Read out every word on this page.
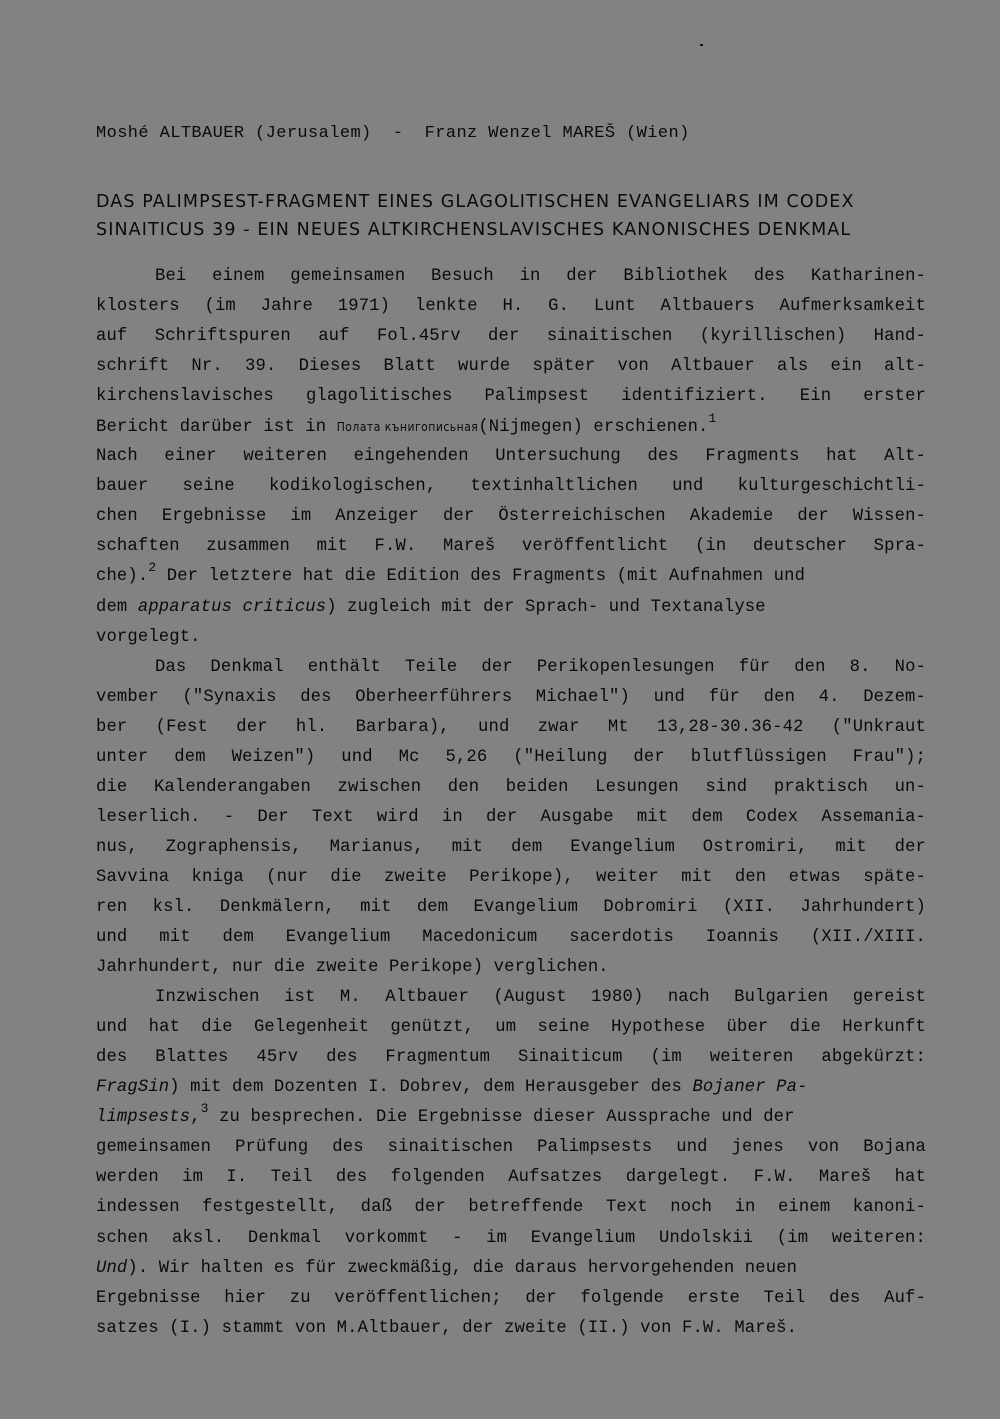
Moshé ALTBAUER (Jerusalem)  -  Franz Wenzel MAREŠ (Wien)
DAS PALIMPSEST-FRAGMENT EINES GLAGOLITISCHEN EVANGELIARS IM CODEX
SINAITICUS 39 - EIN NEUES ALTKIRCHENSLAVISCHES KANONISCHES DENKMAL
Bei einem gemeinsamen Besuch in der Bibliothek des Katharinen-
klosters (im Jahre 1971) lenkte H. G. Lunt Altbauers Aufmerksamkeit
auf Schriftspuren auf Fol.45rv der sinaitischen (kyrillischen) Hand-
schrift Nr. 39. Dieses Blatt wurde später von Altbauer als ein alt-
kirchenslavisches glagolitisches Palimpsest identifiziert. Ein erster
Bericht darüber ist in Полата кънигописьная(Nijmegen) erschienen.$^1$
Nach einer weiteren eingehenden Untersuchung des Fragments hat Alt-
bauer seine kodikologischen, textinhaltlichen und kulturgeschichtli-
chen Ergebnisse im Anzeiger der Österreichischen Akademie der Wissen-
schaften zusammen mit F.W. Mareš veröffentlicht (in deutscher Spra-
che).$^2$ Der letztere hat die Edition des Fragments (mit Aufnahmen und
dem apparatus criticus) zugleich mit der Sprach- und Textanalyse
vorgelegt.
Das Denkmal enthält Teile der Perikopenlesungen für den 8. No-
vember ("Synaxis des Oberheerführers Michael") und für den 4. Dezem-
ber (Fest der hl. Barbara), und zwar Mt 13,28-30.36-42 ("Unkraut
unter dem Weizen") und Mc 5,26 ("Heilung der blutflüssigen Frau");
die Kalenderangaben zwischen den beiden Lesungen sind praktisch un-
leserlich. - Der Text wird in der Ausgabe mit dem Codex Assemania-
nus, Zographensis, Marianus, mit dem Evangelium Ostromiri, mit der
Savvina kniga (nur die zweite Perikope), weiter mit den etwas späte-
ren ksl. Denkmälern, mit dem Evangelium Dobromiri (XII. Jahrhundert)
und mit dem Evangelium Macedonicum sacerdotis Ioannis (XII./XIII.
Jahrhundert, nur die zweite Perikope) verglichen.
Inzwischen ist M. Altbauer (August 1980) nach Bulgarien gereist
und hat die Gelegenheit genützt, um seine Hypothese über die Herkunft
des Blattes 45rv des Fragmentum Sinaiticum (im weiteren abgekürzt:
FragSin) mit dem Dozenten I. Dobrev, dem Herausgeber des Bojaner Pa-
limpsests,$^3$ zu besprechen. Die Ergebnisse dieser Aussprache und der
gemeinsamen Prüfung des sinaitischen Palimpsests und jenes von Bojana
werden im I. Teil des folgenden Aufsatzes dargelegt. F.W. Mareš hat
indessen festgestellt, daß der betreffende Text noch in einem kanoni-
schen aksl. Denkmal vorkommt - im Evangelium Undolskii (im weiteren:
Und). Wir halten es für zweckmäßig, die daraus hervorgehenden neuen
Ergebnisse hier zu veröffentlichen; der folgende erste Teil des Auf-
satzes (I.) stammt von M.Altbauer, der zweite (II.) von F.W. Mareš.
